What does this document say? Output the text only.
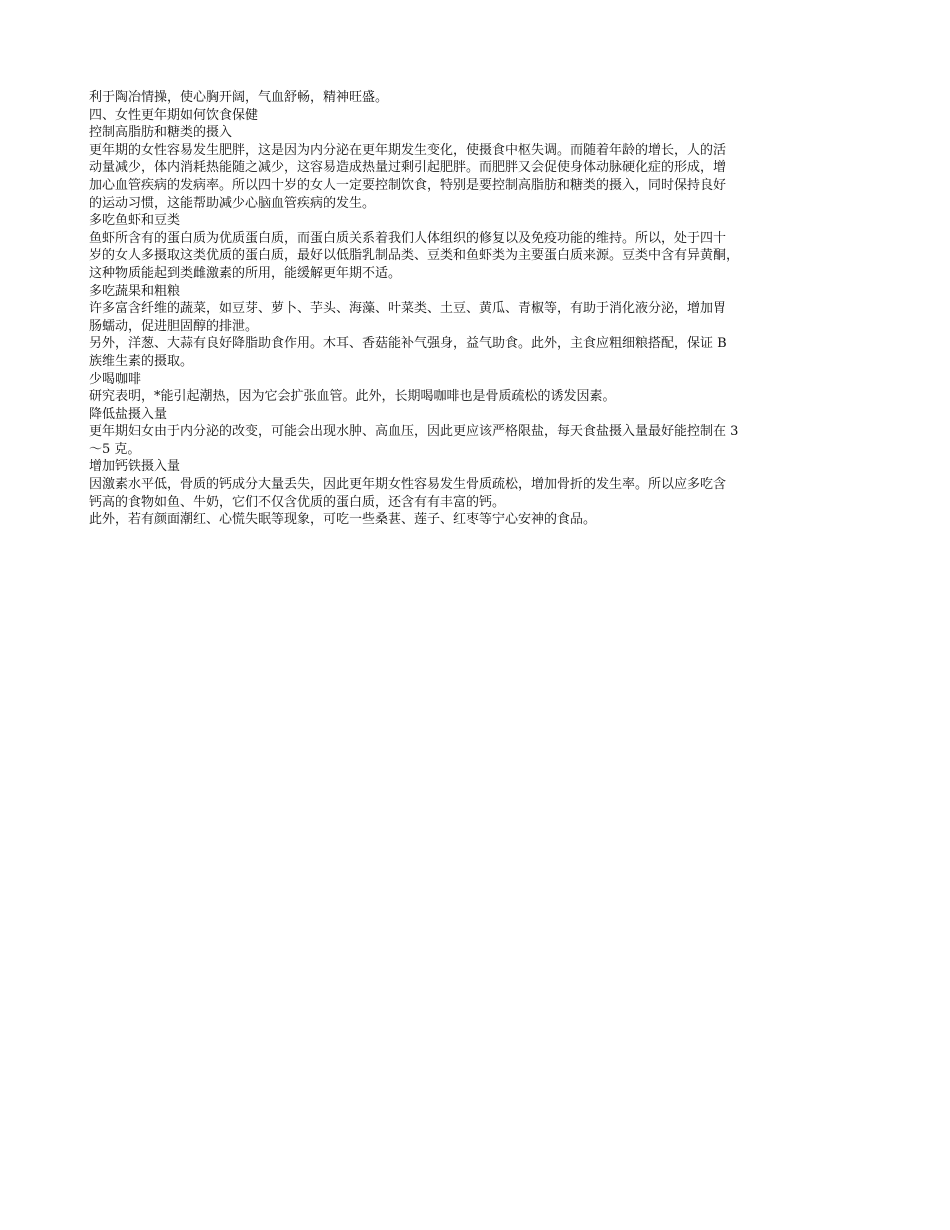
利于陶冶情操，使心胸开阔，气血舒畅，精神旺盛。

四、女性更年期如何饮食保健
控制高脂肪和糖类的摄入

更年期的女性容易发生肥胖，这是因为内分泌在更年期发生变化，使摄食中枢失调。而随着年龄的增长，人的活
动量减少，体内消耗热能随之减少，这容易造成热量过剩引起肥胖。而肥胖又会促使身体动脉硬化症的形成，增
加心血管疾病的发病率。所以四十岁的女人一定要控制饮食，特别是要控制高脂肪和糖类的摄入，同时保持良好
的运动习惯，这能帮助减少心脑血管疾病的发生。

多吃鱼虾和豆类

鱼虾所含有的蛋白质为优质蛋白质，而蛋白质关系着我们人体组织的修复以及免疫功能的维持。所以，处于四十
岁的女人多摄取这类优质的蛋白质，最好以低脂乳制品类、豆类和鱼虾类为主要蛋白质来源。豆类中含有异黄酮，
这种物质能起到类雌激素的所用，能缓解更年期不适。

多吃蔬果和粗粮

许多富含纤维的蔬菜，如豆芽、萝卜、芋头、海藻、叶菜类、土豆、黄瓜、青椒等，有助于消化液分泌，增加胃
肠蠕动，促进胆固醇的排泄。

另外，洋葱、大蒜有良好降脂助食作用。木耳、香菇能补气强身，益气助食。此外，主食应粗细粮搭配，保证 B
族维生素的摄取。

少喝咖啡

研究表明，*能引起潮热，因为它会扩张血管。此外，长期喝咖啡也是骨质疏松的诱发因素。

降低盐摄入量

更年期妇女由于内分泌的改变，可能会出现水肿、高血压，因此更应该严格限盐，每天食盐摄入量最好能控制在 3
～5 克。

增加钙铁摄入量

因激素水平低，骨质的钙成分大量丢失，因此更年期女性容易发生骨质疏松，增加骨折的发生率。所以应多吃含
钙高的食物如鱼、牛奶，它们不仅含优质的蛋白质，还含有有丰富的钙。

此外，若有颜面潮红、心慌失眠等现象，可吃一些桑葚、莲子、红枣等宁心安神的食品。
